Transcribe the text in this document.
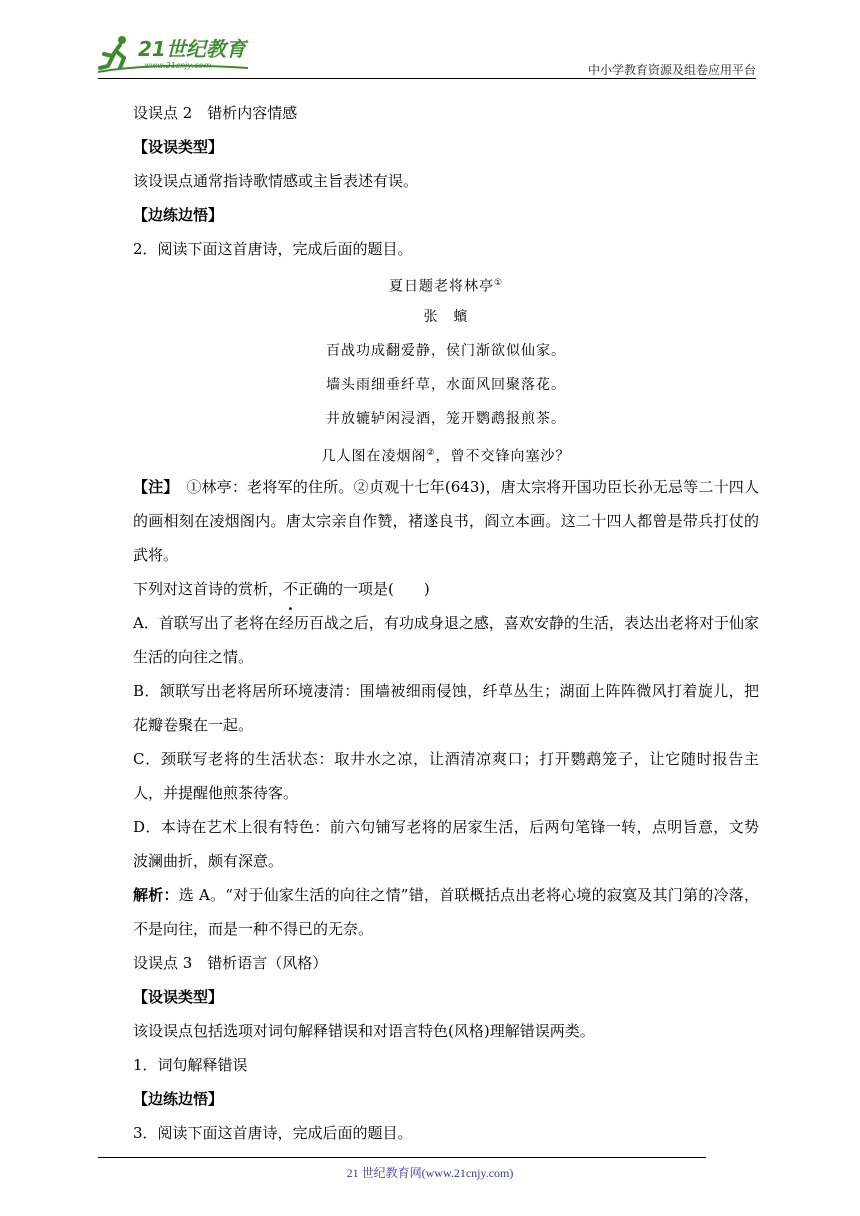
21世纪教育
www.21cnjy.com	中小学教育资源及组卷应用平台
设误点 2　错析内容情感
【设误类型】
该设误点通常指诗歌情感或主旨表述有误。
【边练边悟】
2．阅读下面这首唐诗，完成后面的题目。
夏日题老将林亭①
张　蠙
百战功成翻爱静，侯门渐欲似仙家。
墙头雨细垂纤草，水面风回聚落花。
井放辘轳闲浸酒，笼开鹦鹉报煎茶。
几人图在凌烟阁②，曾不交锋向塞沙？
【注】　①林亭：老将军的住所。②贞观十七年(643)，唐太宗将开国功臣长孙无忌等二十四人的画相刻在凌烟阁内。唐太宗亲自作赞，褚遂良书，阎立本画。这二十四人都曾是带兵打仗的武将。
下列对这首诗的赏析，不正确的一项是(　　)
A．首联写出了老将在经历百战之后，有功成身退之感，喜欢安静的生活，表达出老将对于仙家生活的向往之情。
B．颔联写出老将居所环境凄清：围墙被细雨侵蚀，纤草丛生；湖面上阵阵微风打着旋儿，把花瓣卷聚在一起。
C．颈联写老将的生活状态：取井水之凉，让酒清凉爽口；打开鹦鹉笼子，让它随时报告主人，并提醒他煎茶待客。
D．本诗在艺术上很有特色：前六句铺写老将的居家生活，后两句笔锋一转，点明旨意，文势波澜曲折，颇有深意。
解析：选 A。“对于仙家生活的向往之情”错，首联概括点出老将心境的寂寞及其门第的冷落，不是向往，而是一种不得已的无奈。
设误点 3　错析语言（风格）
【设误类型】
该设误点包括选项对词句解释错误和对语言特色(风格)理解错误两类。
1．词句解释错误
【边练边悟】
3．阅读下面这首唐诗，完成后面的题目。
21 世纪教育网(www.21cnjy.com)
